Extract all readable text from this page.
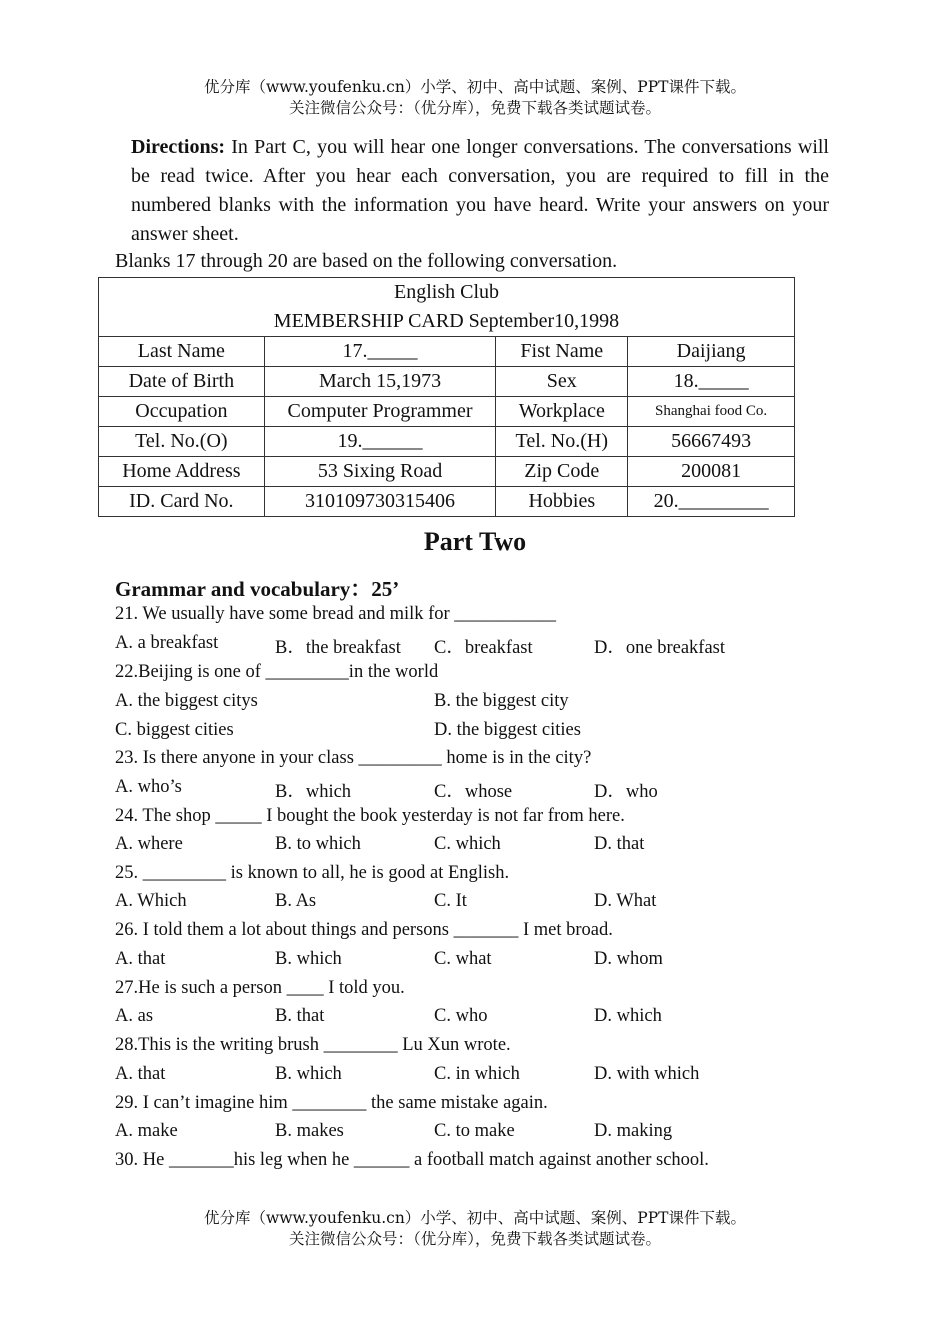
优分库（www.youfenku.cn）小学、初中、高中试题、案例、PPT课件下载。
关注微信公众号：（优分库），免费下载各类试题试卷。
Directions: In Part C, you will hear one longer conversations. The conversations will be read twice. After you hear each conversation, you are required to fill in the numbered blanks with the information you have heard. Write your answers on your answer sheet.
Blanks 17 through 20 are based on the following conversation.
English Club
MEMBERSHIP CARD September10,1998			

Last Name	17._____	Fist Name	Daijiang
Date of Birth	March 15,1973	Sex	18._____
Occupation	Computer Programmer	Workplace	Shanghai food Co.
Tel. No.(O)	19.______	Tel. No.(H)	56667493
Home Address	53 Sixing Road	Zip Code	200081
ID. Card No.	310109730315406	Hobbies	20._________
Part Two
Grammar and vocabulary：25’
21. We usually have some bread and milk for ___________
A. a breakfast	B．the breakfast C．breakfast	D．one breakfast
22.Beijing is one of _________in the world
A. the biggest citys	B. the biggest city
C. biggest cities	D. the biggest cities
23. Is there anyone in your class _________ home is in the city?
A. who’s	B．which	C．whose	D．who
24. The shop _____ I bought the book yesterday is not far from here.
A. where	B. to which	C. which	D. that
25. _________ is known to all, he is good at English.
A. Which	B. As	C. It	D. What
26. I told them a lot about things and persons _______ I met broad.
A. that	B. which	C. what	D. whom
27.He is such a person ____ I told you.
A. as	B. that	C. who	D. which
28.This is the writing brush ________ Lu Xun wrote.
A. that	B. which	C. in which	D. with which
29. I can’t imagine him ________ the same mistake again.
A. make	B. makes	C. to make	D. making
30. He _______his leg when he ______ a football match against another school.
优分库（www.youfenku.cn）小学、初中、高中试题、案例、PPT课件下载。
关注微信公众号：（优分库），免费下载各类试题试卷。
